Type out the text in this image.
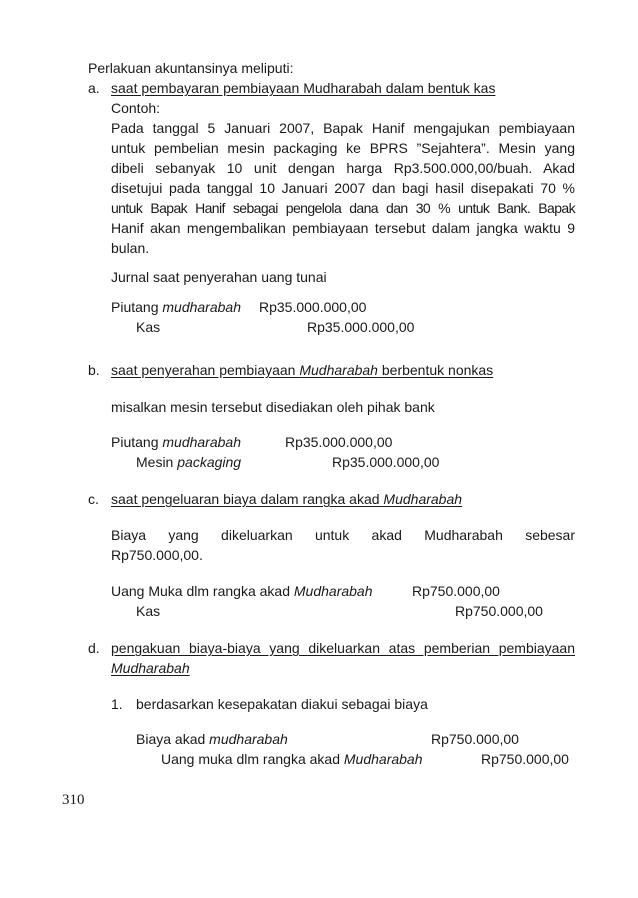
Perlakuan akuntansinya meliputi:
a. saat pembayaran pembiayaan Mudharabah dalam bentuk kas
Contoh:
Pada tanggal 5 Januari 2007, Bapak Hanif mengajukan pembiayaan
untuk pembelian mesin packaging ke BPRS ”Sejahtera”. Mesin yang
dibeli sebanyak 10 unit dengan harga Rp3.500.000,00/buah. Akad
disetujui pada tanggal 10 Januari 2007 dan bagi hasil disepakati 70 %
untuk Bapak Hanif sebagai pengelola dana dan 30 % untuk Bank. Bapak
Hanif akan mengembalikan pembiayaan tersebut dalam jangka waktu 9
bulan.
Jurnal saat penyerahan uang tunai
Piutang mudharabah Rp35.000.000,00
Kas	Rp35.000.000,00
b. saat penyerahan pembiayaan Mudharabah berbentuk nonkas
misalkan mesin tersebut disediakan oleh pihak bank
Piutang mudharabah	Rp35.000.000,00
Mesin packaging	Rp35.000.000,00
c. saat pengeluaran biaya dalam rangka akad Mudharabah
Biaya yang dikeluarkan untuk akad Mudharabah sebesar
Rp750.000,00.
Uang Muka dlm rangka akad Mudharabah	Rp750.000,00
Kas	Rp750.000,00
d. pengakuan biaya-biaya yang dikeluarkan atas pemberian pembiayaan
Mudharabah
1. berdasarkan kesepakatan diakui sebagai biaya
Biaya akad mudharabah	Rp750.000,00
Uang muka dlm rangka akad Mudharabah	Rp750.000,00
310
